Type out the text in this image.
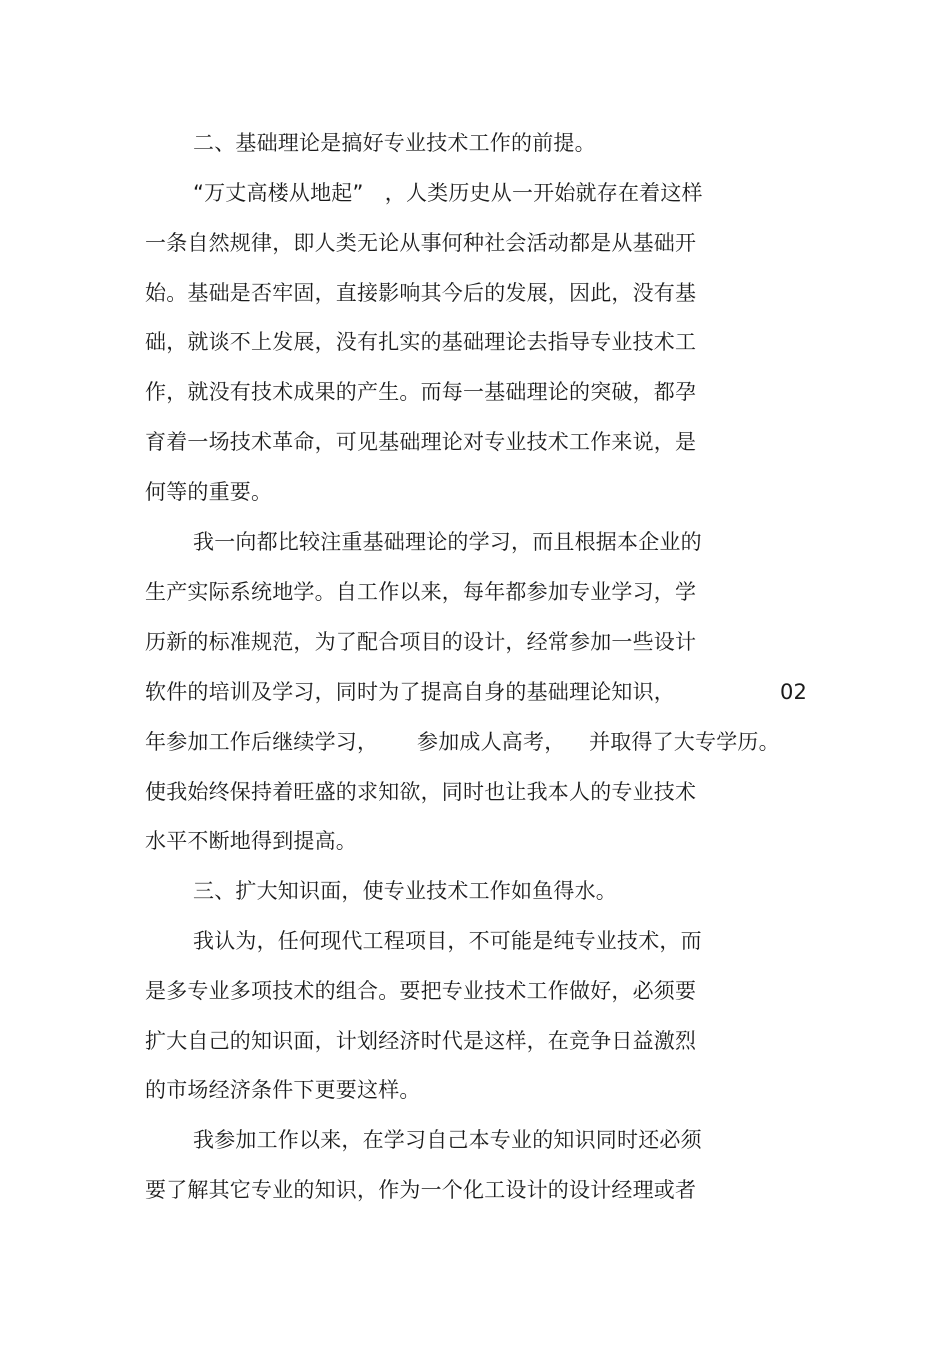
二、基础理论是搞好专业技术工作的前提。
“万丈高楼从地起”　，人类历史从一开始就存在着这样
一条自然规律，即人类无论从事何种社会活动都是从基础开
始。基础是否牢固，直接影响其今后的发展，因此，没有基
础，就谈不上发展，没有扎实的基础理论去指导专业技术工
作，就没有技术成果的产生。而每一基础理论的突破，都孕
育着一场技术革命，可见基础理论对专业技术工作来说，是
何等的重要。
我一向都比较注重基础理论的学习，而且根据本企业的
生产实际系统地学。自工作以来，每年都参加专业学习，学
历新的标准规范，为了配合项目的设计，经常参加一些设计
软件的培训及学习，同时为了提高自身的基础理论知识，	02
年参加工作后继续学习， 参加成人高考， 并取得了大专学历。
使我始终保持着旺盛的求知欲，同时也让我本人的专业技术
水平不断地得到提高。
三、扩大知识面，使专业技术工作如鱼得水。
我认为，任何现代工程项目，不可能是纯专业技术，而
是多专业多项技术的组合。要把专业技术工作做好，必须要
扩大自己的知识面，计划经济时代是这样，在竞争日益激烈
的市场经济条件下更要这样。
我参加工作以来，在学习自己本专业的知识同时还必须
要了解其它专业的知识，作为一个化工设计的设计经理或者
